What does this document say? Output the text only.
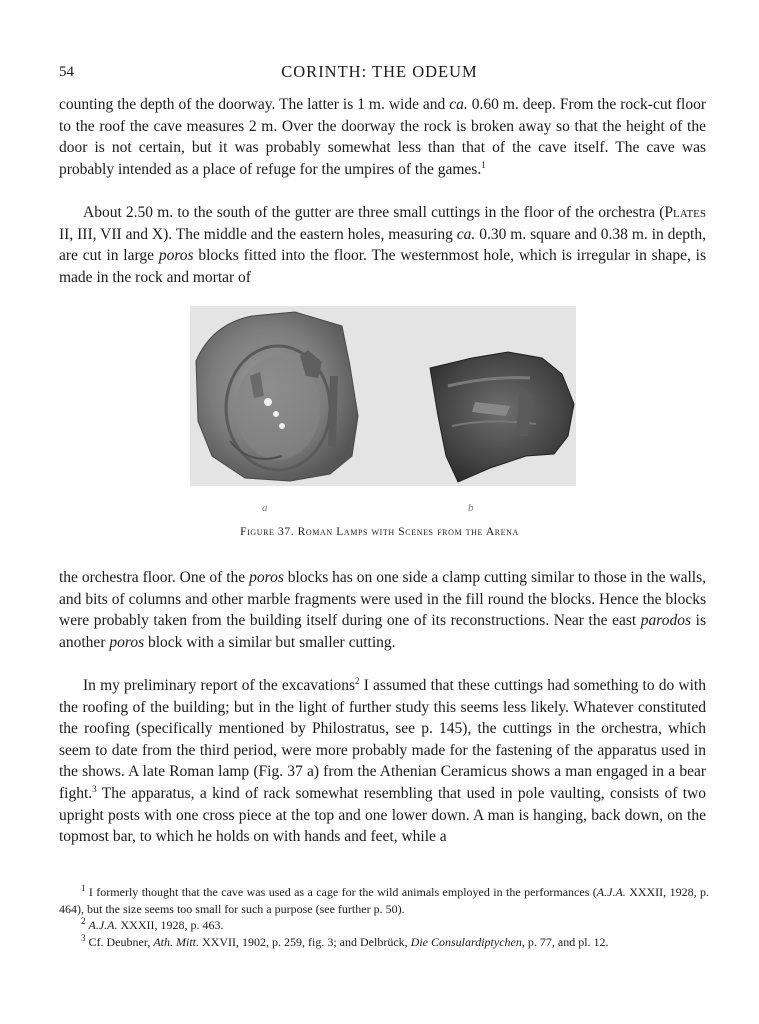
54	CORINTH: THE ODEUM

counting the depth of the doorway. The latter is 1 m. wide and ca. 0.60 m. deep. From the rock-cut floor to the roof the cave measures 2 m. Over the doorway the rock is broken away so that the height of the door is not certain, but it was probably somewhat less than that of the cave itself. The cave was probably intended as a place of refuge for the umpires of the games.$^1$

About 2.50 m. to the south of the gutter are three small cuttings in the floor of the orchestra (Plates II, III, VII and X). The middle and the eastern holes, measuring ca. 0.30 m. square and 0.38 m. in depth, are cut in large poros blocks fitted into the floor. The westernmost hole, which is irregular in shape, is made in the rock and mortar of

a	b
Figure 37. Roman Lamps with Scenes from the Arena

the orchestra floor. One of the poros blocks has on one side a clamp cutting similar to those in the walls, and bits of columns and other marble fragments were used in the fill round the blocks. Hence the blocks were probably taken from the building itself during one of its reconstructions. Near the east parodos is another poros block with a similar but smaller cutting.

In my preliminary report of the excavations$^2$ I assumed that these cuttings had something to do with the roofing of the building; but in the light of further study this seems less likely. Whatever constituted the roofing (specifically mentioned by Philostratus, see p. 145), the cuttings in the orchestra, which seem to date from the third period, were more probably made for the fastening of the apparatus used in the shows. A late Roman lamp (Fig. 37 a) from the Athenian Ceramicus shows a man engaged in a bear fight.$^3$ The apparatus, a kind of rack somewhat resembling that used in pole vaulting, consists of two upright posts with one cross piece at the top and one lower down. A man is hanging, back down, on the topmost bar, to which he holds on with hands and feet, while a

$^1$ I formerly thought that the cave was used as a cage for the wild animals employed in the performances (A.J.A. XXXII, 1928, p. 464), but the size seems too small for such a purpose (see further p. 50).

$^2$ A.J.A. XXXII, 1928, p. 463.

$^3$ Cf. Deubner, Ath. Mitt. XXVII, 1902, p. 259, fig. 3; and Delbrück, Die Consulardiptychen, p. 77, and pl. 12.
